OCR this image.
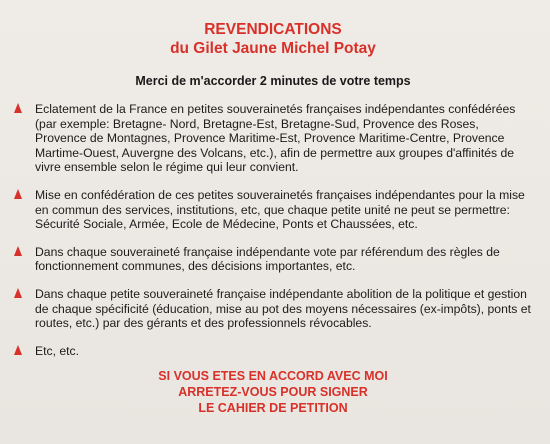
REVENDICATIONS
du Gilet Jaune Michel Potay
Merci de m'accorder 2 minutes de votre temps
Eclatement de la France en petites souverainetés françaises indépendantes confédérées (par exemple: Bretagne- Nord, Bretagne-Est, Bretagne-Sud, Provence des Roses, Provence de Montagnes, Provence Maritime-Est, Provence Maritime-Centre, Provence Martime-Ouest, Auvergne des Volcans, etc.), afin de permettre aux groupes d'affinités de vivre ensemble selon le régime qui leur convient.
Mise en confédération de ces petites souverainetés françaises indépendantes pour la mise en commun des services, institutions, etc, que chaque petite unité ne peut se permettre: Sécurité Sociale, Armée, Ecole de Médecine, Ponts et Chaussées, etc.
Dans chaque souveraineté française indépendante vote par référendum des règles de fonctionnement communes, des décisions importantes, etc.
Dans chaque petite souveraineté française indépendante abolition de la politique et gestion de chaque spécificité (éducation, mise au pot des moyens nécessaires (ex-impôts), ponts et routes, etc.) par des gérants et des professionnels révocables.
Etc, etc.
SI VOUS ETES EN ACCORD AVEC MOI
ARRETEZ-VOUS POUR SIGNER
LE CAHIER DE PETITION
